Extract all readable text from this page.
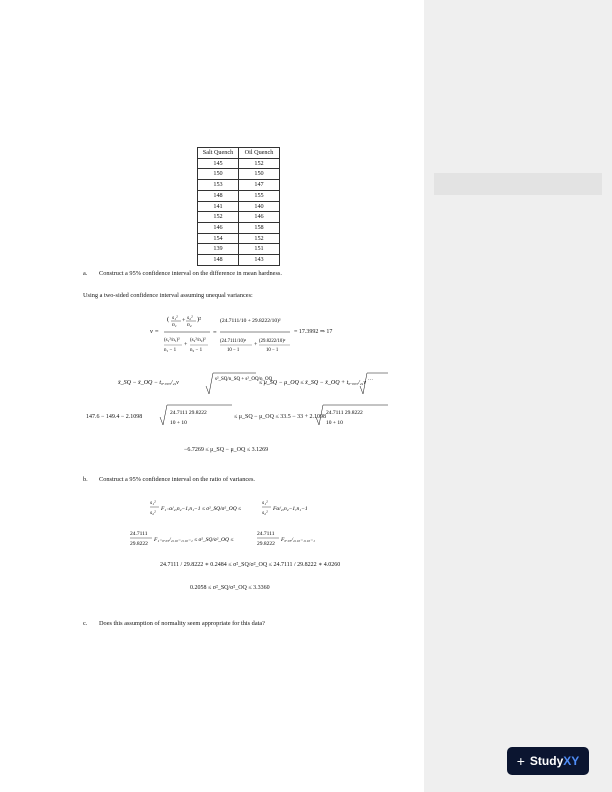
Salt Quench	Oil Quench
145	152
150	150
153	147
148	155
141	140
152	146
146	158
154	152
139	151
148	143
a. Construct a 95% confidence interval on the difference in mean hardness.
Using a two-sided confidence interval assuming unequal variances:
ν =
( s₁²
n₁
+ s₂²
n₂
)²
(s₁²/n₁)²
n₁ − 1
+
(s₂²/n₂)²
n₂ − 1
=
(24.7111/10 + 29.8222/10)²
(24.7111/10)²
10 − 1
+
(29.8222/10)²
10 − 1
= 17.3992 ⇒ 17
x̄_SQ − x̄_OQ − t₀.₀₀₅/₂,ν
s²_SQ/n_SQ + s²_OQ/n_OQ
≤ μ_SQ − μ_OQ ≤ x̄_SQ − x̄_OQ + t₀.₀₀₅/₂,ν
…
147.6 − 149.4 − 2.1098
24.7111 29.8222
10 + 10
≤ μ_SQ − μ_OQ ≤ 33.5 − 33 + 2.1098
24.7111 29.8222
10 + 10
−6.7269 ≤ μ_SQ − μ_OQ ≤ 3.1269
b. Construct a 95% confidence interval on the ratio of variances.
s₁²
s₂²
F₁₋α/₂,n₂−1,n₁−1 ≤ σ²_SQ/σ²_OQ ≤
s₁²
s₂²
Fα/₂,n₂−1,n₁−1
24.7111
29.8222
F₁₋₀.₀₅/₂,₁₀₋₁,₁₀₋₁ ≤ σ²_SQ/σ²_OQ ≤
24.7111
29.8222
F₀.₀₅/₂,₁₀₋₁,₁₀₋₁
24.7111 / 29.8222 ∗ 0.2484 ≤ σ²_SQ/σ²_OQ ≤ 24.7111 / 29.8222 ∗ 4.0260
0.2058 ≤ σ²_SQ/σ²_OQ ≤ 3.3360
c. Does this assumption of normality seem appropriate for this data?
+ StudyXY
